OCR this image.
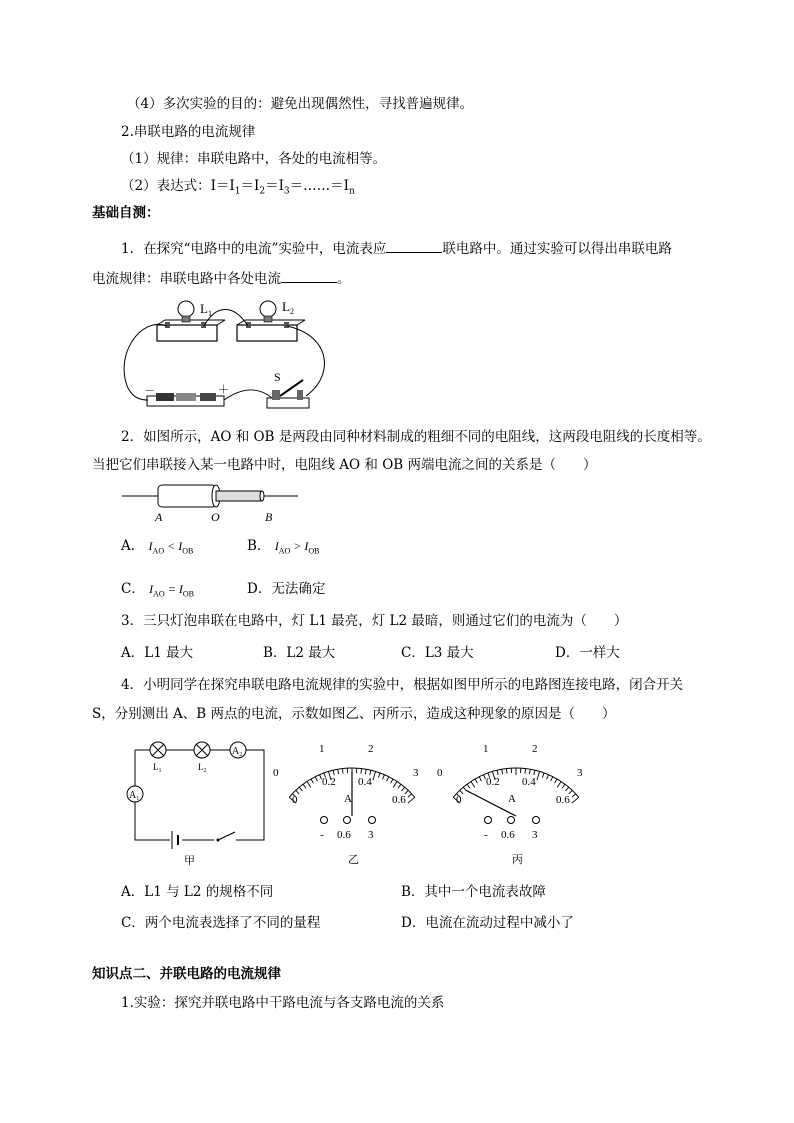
（4）多次实验的目的：避免出现偶然性，寻找普遍规律。
2.串联电路的电流规律
（1）规律：串联电路中，各处的电流相等。
（2）表达式：$I=I_1=I_2=I_3=\dots\dots=I_n$
基础自测：
1．在探究“电路中的电流”实验中，电流表应	联电路中。通过实验可以得出串联电路
电流规律：串联电路中各处电流	。
$L_1$	$L_2$
－	＋
S
2．如图所示，AO 和 OB 是两段由同种材料制成的粗细不同的电阻线，这两段电阻线的长度相等。
当把它们串联接入某一电路中时，电阻线 AO 和 OB 两端电流之间的关系是（　　）
A	O	B
A． $I_{AO} < I_{OB}$	B． $I_{AO} > I_{OB}$
C． $I_{AO} = I_{OB}$	D．无法确定
3．三只灯泡串联在电路中，灯 L1 最亮，灯 L2 最暗，则通过它们的电流为（　　）
A．L1 最大	B．L2 最大	C．L3 最大	D．一样大
4．小明同学在探究串联电路电流规律的实验中，根据如图甲所示的电路图连接电路，闭合开关
S，分别测出 A、B 两点的电流，示数如图乙、丙所示，造成这种现象的原因是（　　）
$A_2$
$A_1$
$L_1$	$L_2$
甲
0
1	2
3
0
0.2 0.4
0.6
A
- 0.6 3
乙
0
1	2
3
0
0.2 0.4
0.6
A
- 0.6 3
丙
A．L1 与 L2 的规格不同	B．其中一个电流表故障
C．两个电流表选择了不同的量程	D．电流在流动过程中减小了
知识点二、并联电路的电流规律
1.实验：探究并联电路中干路电流与各支路电流的关系
